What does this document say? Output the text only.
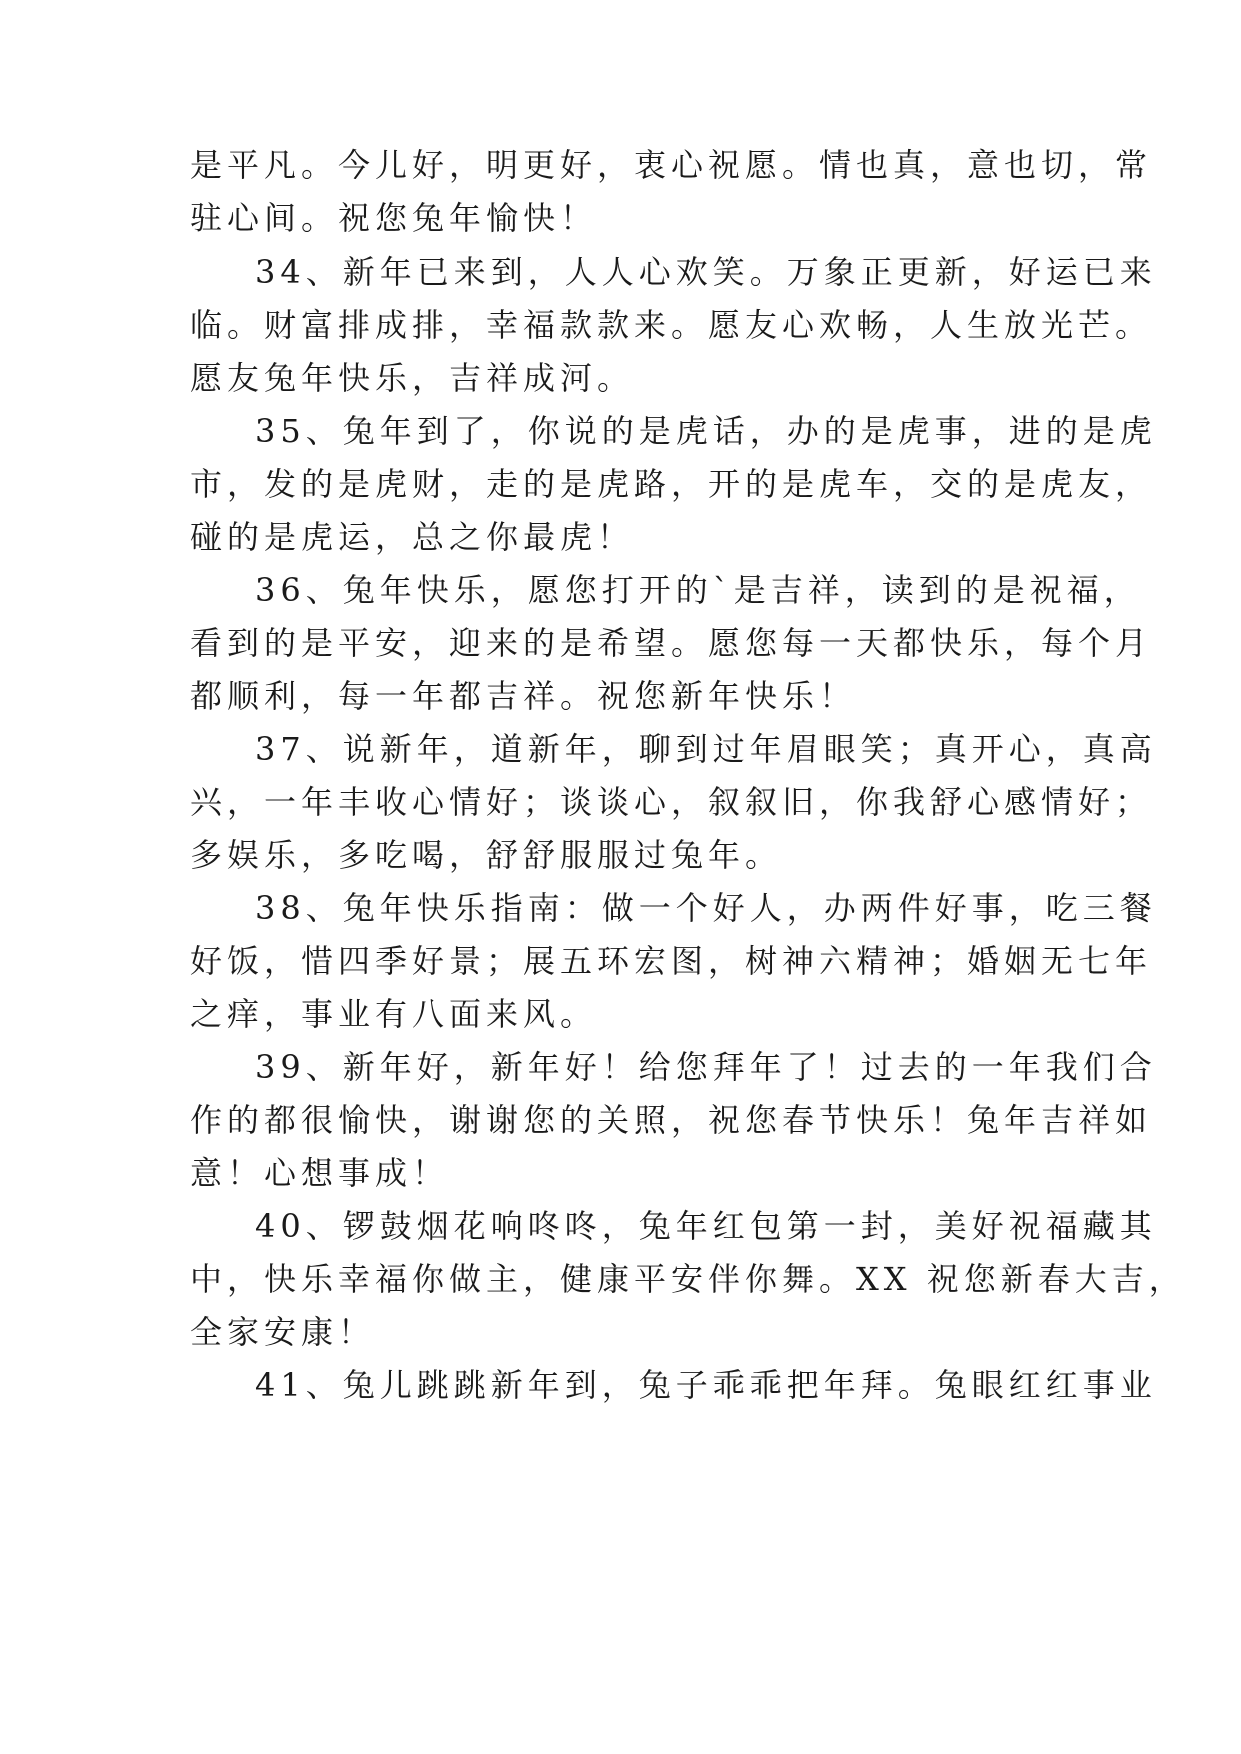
是平凡。今儿好，明更好，衷心祝愿。情也真，意也切，常
驻心间。祝您兔年愉快！
34、新年已来到，人人心欢笑。万象正更新，好运已来
临。财富排成排，幸福款款来。愿友心欢畅，人生放光芒。
愿友兔年快乐，吉祥成河。
35、兔年到了，你说的是虎话，办的是虎事，进的是虎
市，发的是虎财，走的是虎路，开的是虎车，交的是虎友，
碰的是虎运，总之你最虎！
36、兔年快乐，愿您打开的`是吉祥，读到的是祝福，
看到的是平安，迎来的是希望。愿您每一天都快乐，每个月
都顺利，每一年都吉祥。祝您新年快乐！
37、说新年，道新年，聊到过年眉眼笑；真开心，真高
兴，一年丰收心情好；谈谈心，叙叙旧，你我舒心感情好；
多娱乐，多吃喝，舒舒服服过兔年。
38、兔年快乐指南：做一个好人，办两件好事，吃三餐
好饭，惜四季好景；展五环宏图，树神六精神；婚姻无七年
之痒，事业有八面来风。
39、新年好，新年好！给您拜年了！过去的一年我们合
作的都很愉快，谢谢您的关照，祝您春节快乐！兔年吉祥如
意！心想事成！
40、锣鼓烟花响咚咚，兔年红包第一封，美好祝福藏其
中，快乐幸福你做主，健康平安伴你舞。XX 祝您新春大吉，
全家安康！
41、兔儿跳跳新年到，兔子乖乖把年拜。兔眼红红事业
